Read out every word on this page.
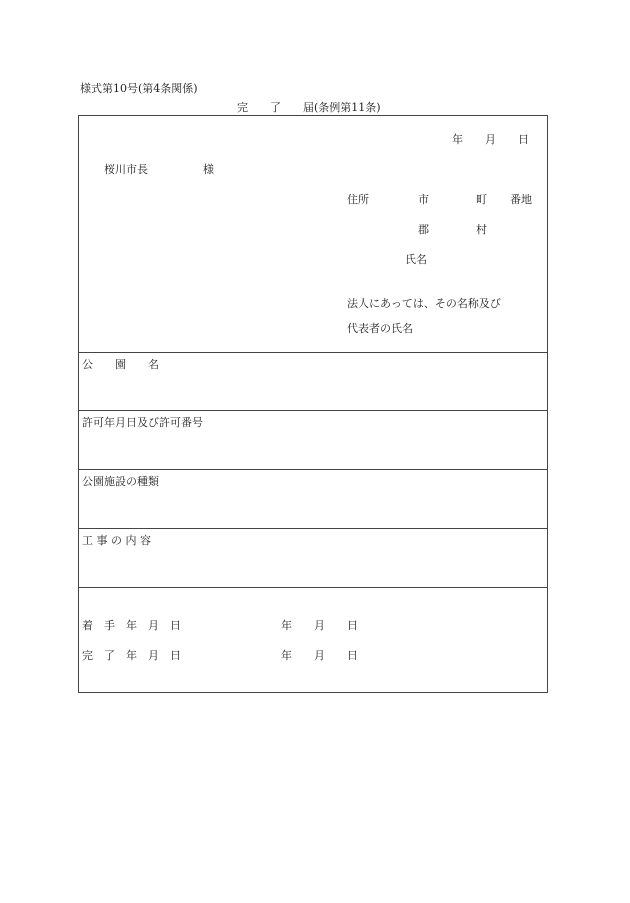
様式第10号(第4条関係)
完　　了　　届(条例第11条)
年　　月　　日
桜川市長　　　　　様
住所	市	町 番地
郡	村
氏名
法人にあっては、その名称及び
代表者の氏名
公　　園　　名
許可年月日及び許可番号
公園施設の種類
工 事 の 内 容
着　手　年　月　日	年　　月　　日
完　了　年　月　日	年　　月　　日
